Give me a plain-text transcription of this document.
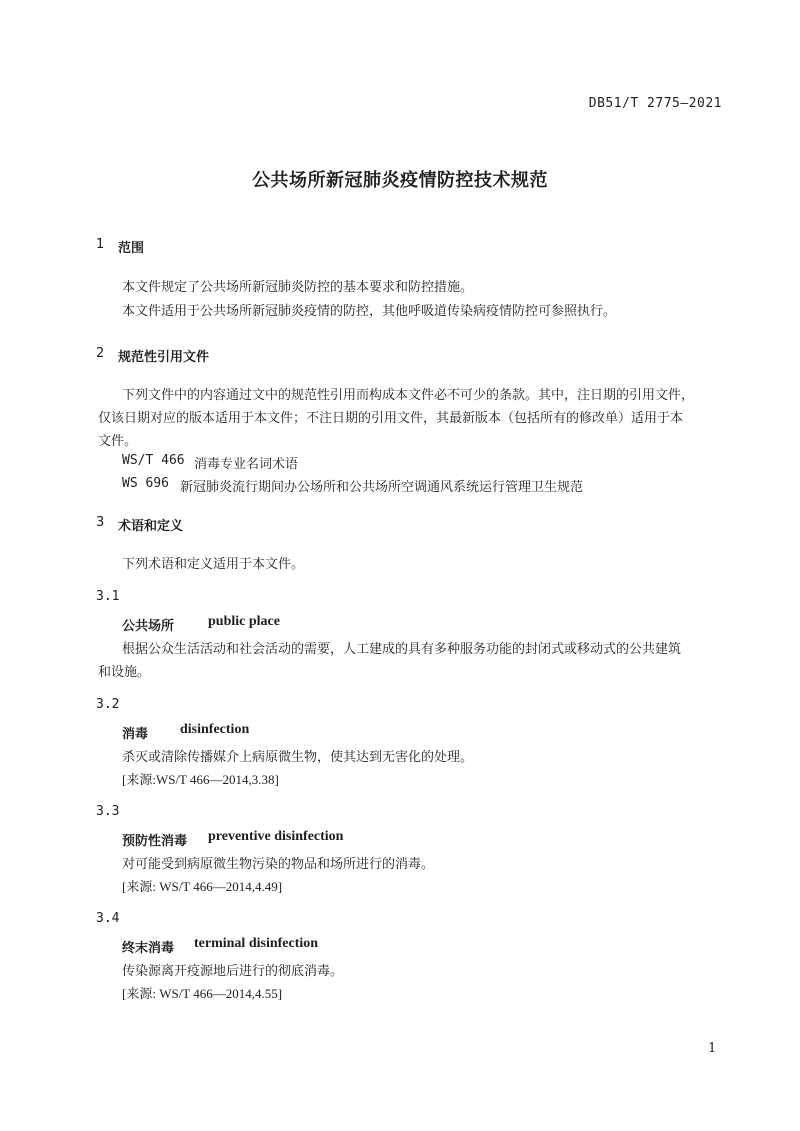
DB51/T 2775—2021
公共场所新冠肺炎疫情防控技术规范
1 范围
本文件规定了公共场所新冠肺炎防控的基本要求和防控措施。
本文件适用于公共场所新冠肺炎疫情的防控，其他呼吸道传染病疫情防控可参照执行。
2 规范性引用文件
下列文件中的内容通过文中的规范性引用而构成本文件必不可少的条款。其中，注日期的引用文件，
仅该日期对应的版本适用于本文件；不注日期的引用文件，其最新版本（包括所有的修改单）适用于本
文件。
WS/T 466 消毒专业名词术语
WS 696 新冠肺炎流行期间办公场所和公共场所空调通风系统运行管理卫生规范
3 术语和定义
下列术语和定义适用于本文件。
3.1
公共场所 public place
根据公众生活活动和社会活动的需要，人工建成的具有多种服务功能的封闭式或移动式的公共建筑
和设施。
3.2
消毒 disinfection
杀灭或清除传播媒介上病原微生物，使其达到无害化的处理。
[来源:WS/T 466—2014,3.38]
3.3
预防性消毒 preventive disinfection
对可能受到病原微生物污染的物品和场所进行的消毒。
[来源: WS/T 466—2014,4.49]
3.4
终末消毒 terminal disinfection
传染源离开疫源地后进行的彻底消毒。
[来源: WS/T 466—2014,4.55]
1
